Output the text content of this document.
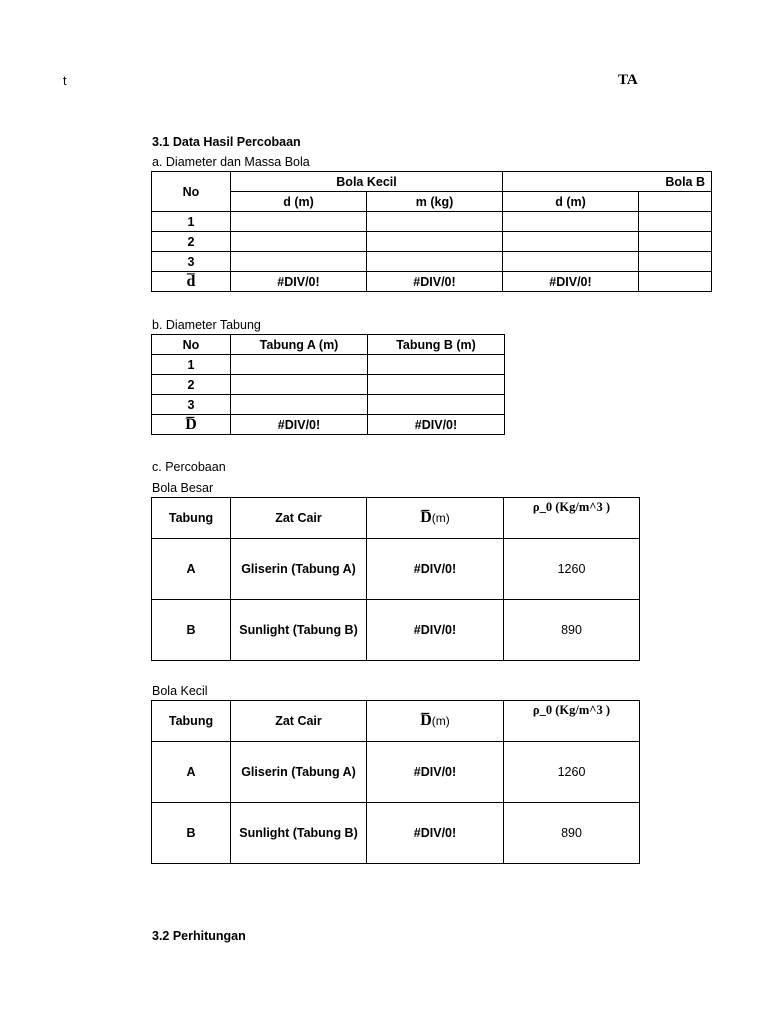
t	TA
3.1 Data Hasil Percobaan
a. Diameter dan Massa Bola
No	Bola Kecil		Bola B	
	d (m)	m (kg)	d (m)	
1				
2				
3				
d̅	#DIV/0!	#DIV/0!	#DIV/0!	
b. Diameter Tabung
No	Tabung A (m)	Tabung B (m)
1		
2		
3		
D̅	#DIV/0!	#DIV/0!
c. Percobaan
Bola Besar
Tabung	Zat Cair	D̅(m)	ρ_0 (Kg/m^3 )
A	Gliserin (Tabung A)	#DIV/0!	1260
B	Sunlight (Tabung B)	#DIV/0!	890
Bola Kecil
Tabung	Zat Cair	D̅(m)	ρ_0 (Kg/m^3 )
A	Gliserin (Tabung A)	#DIV/0!	1260
B	Sunlight (Tabung B)	#DIV/0!	890
3.2 Perhitungan
